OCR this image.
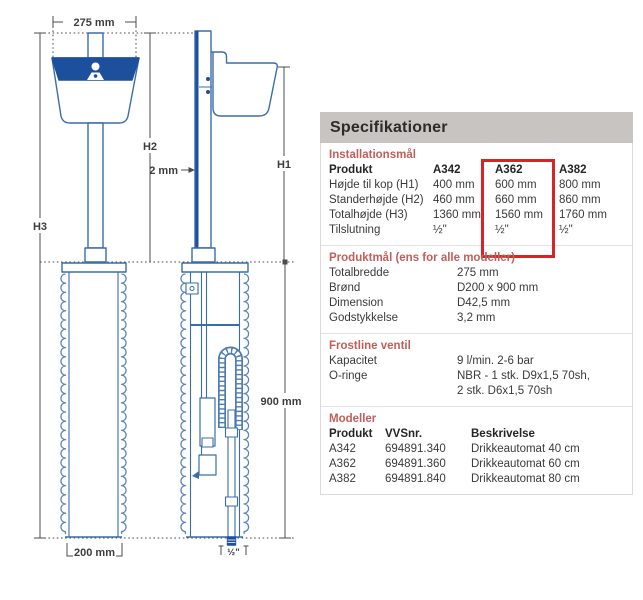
275 mm
H3
H2
2 mm	H1
900 mm
200 mm	½"
Specifikationer
Installationsmål
Produkt	A342	A362	A382
Højde til kop (H1)	400 mm	600 mm	800 mm
Standerhøjde (H2) 460 mm	660 mm	860 mm
Totalhøjde (H3)	1360 mm	1560 mm	1760 mm
Tilslutning	½"	½"	½"
Produktmål (ens for alle modeller)
Totalbredde	275 mm
Brønd	D200 x 900 mm
Dimension	D42,5 mm
Godstykkelse	3,2 mm
Frostline ventil
Kapacitet	9 l/min. 2-6 bar
O-ringe	NBR - 1 stk. D9x1,5 70sh,
2 stk. D6x1,5 70sh
Modeller
Produkt	VVSnr.	Beskrivelse
A342	694891.340	Drikkeautomat 40 cm
A362	694891.360	Drikkeautomat 60 cm
A382	694891.840	Drikkeautomat 80 cm
